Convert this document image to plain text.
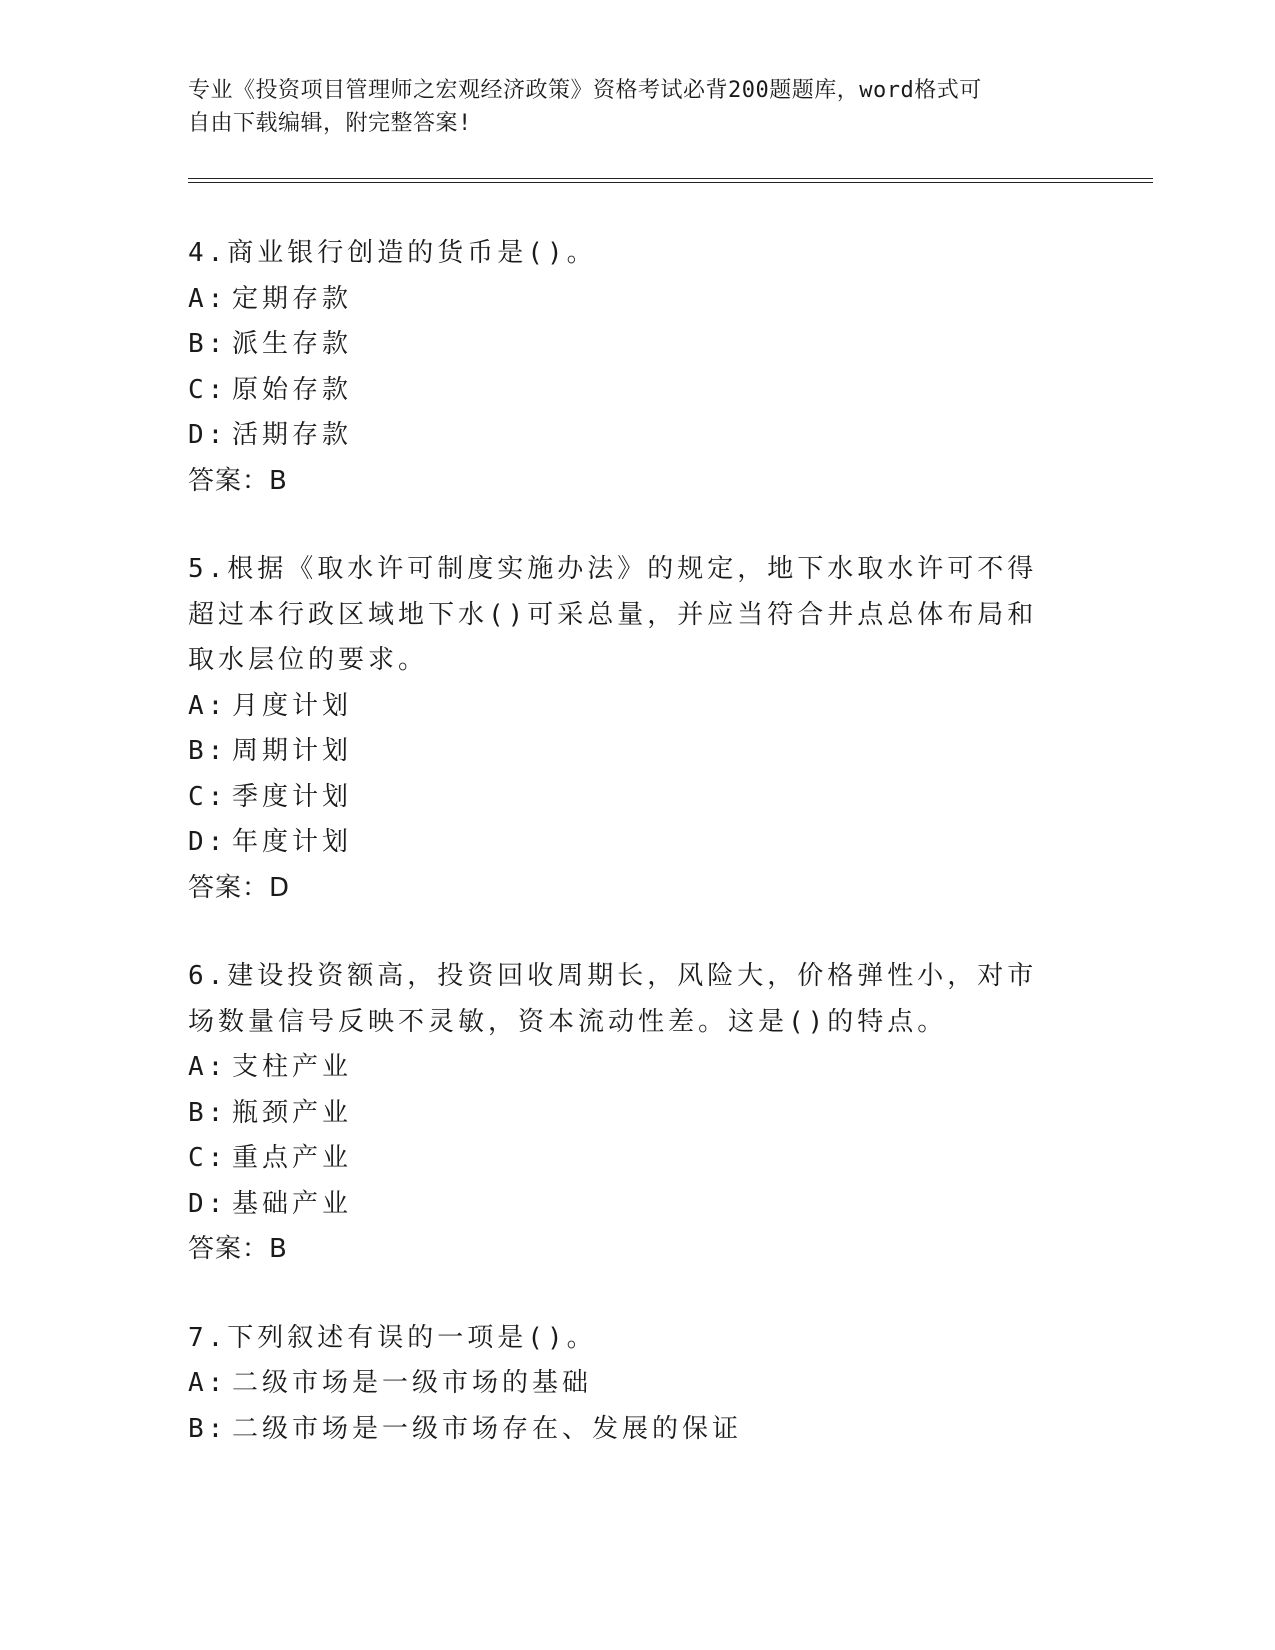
专业《投资项目管理师之宏观经济政策》资格考试必背200题题库，word格式可
自由下载编辑，附完整答案!
4.商业银行创造的货币是()。
A: 定期存款
B: 派生存款
C: 原始存款
D: 活期存款
答案：B
5.根据《取水许可制度实施办法》的规定，地下水取水许可不得超过本行政区域地下水()可采总量，并应当符合井点总体布局和取水层位的要求。
A: 月度计划
B: 周期计划
C: 季度计划
D: 年度计划
答案：D
6.建设投资额高，投资回收周期长，风险大，价格弹性小，对市场数量信号反映不灵敏，资本流动性差。这是()的特点。
A: 支柱产业
B: 瓶颈产业
C: 重点产业
D: 基础产业
答案：B
7.下列叙述有误的一项是()。
A: 二级市场是一级市场的基础
B: 二级市场是一级市场存在、发展的保证
